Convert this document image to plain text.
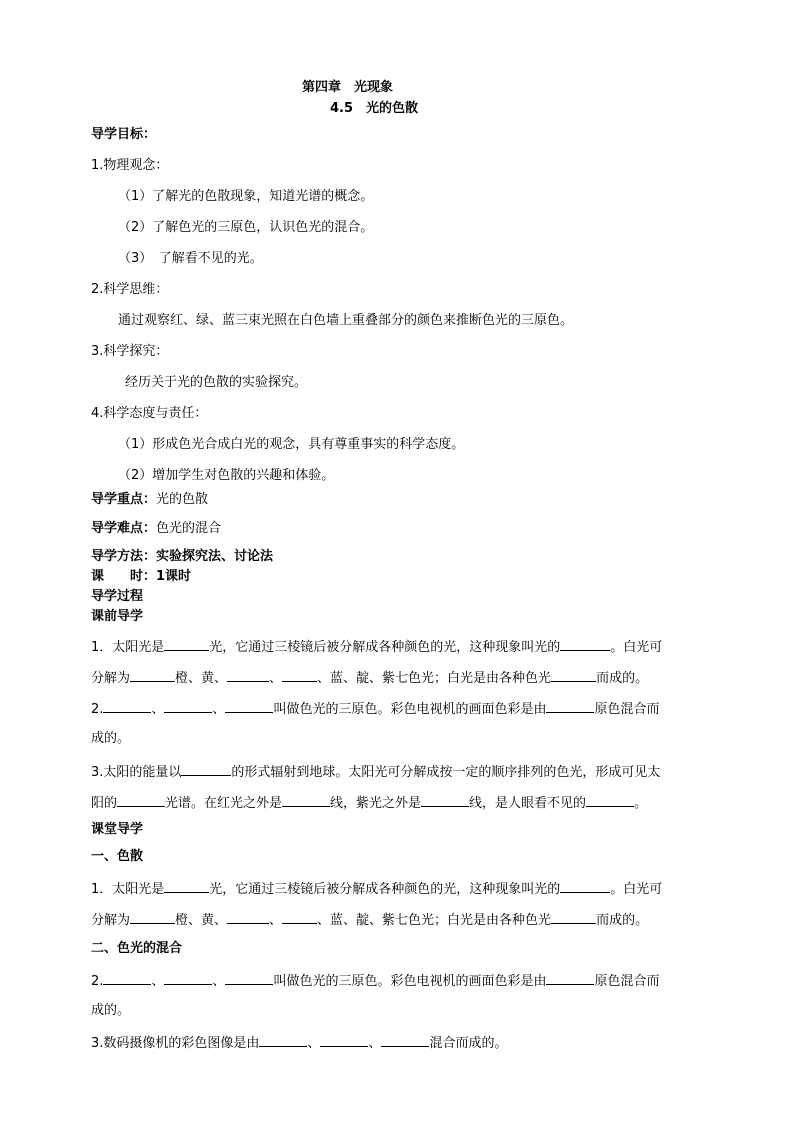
第四章　光现象
4.5　光的色散
导学目标：
1.物理观念：
（1）了解光的色散现象，知道光谱的概念。
（2）了解色光的三原色，认识色光的混合。
（3）　了解看不见的光。
2.科学思维：
通过观察红、绿、蓝三束光照在白色墙上重叠部分的颜色来推断色光的三原色。
3.科学探究：
经历关于光的色散的实验探究。
4.科学态度与责任：
（1）形成色光合成白光的观念，具有尊重事实的科学态度。
（2）增加学生对色散的兴趣和体验。
导学重点：光的色散
导学难点：色光的混合
导学方法：实验探究法、讨论法
课　　时：1课时
导学过程
课前导学
1．太阳光是	光，它通过三棱镜后被分解成各种颜色的光，这种现象叫光的	。白光可
分解为	橙、黄、	、	、蓝、靛、紫七色光；白光是由各种色光	而成的。
2.	、	、	叫做色光的三原色。彩色电视机的画面色彩是由	原色混合而
成的。
3.太阳的能量以	的形式辐射到地球。太阳光可分解成按一定的顺序排列的色光，形成可见太
阳的	光谱。在红光之外是	线，紫光之外是	线，是人眼看不见的	。
课堂导学
一、色散
1．太阳光是	光，它通过三棱镜后被分解成各种颜色的光，这种现象叫光的	。白光可
分解为	橙、黄、	、	、蓝、靛、紫七色光；白光是由各种色光	而成的。
二、色光的混合
2.	、	、	叫做色光的三原色。彩色电视机的画面色彩是由	原色混合而
成的。
3.数码摄像机的彩色图像是由	、	、	混合而成的。
